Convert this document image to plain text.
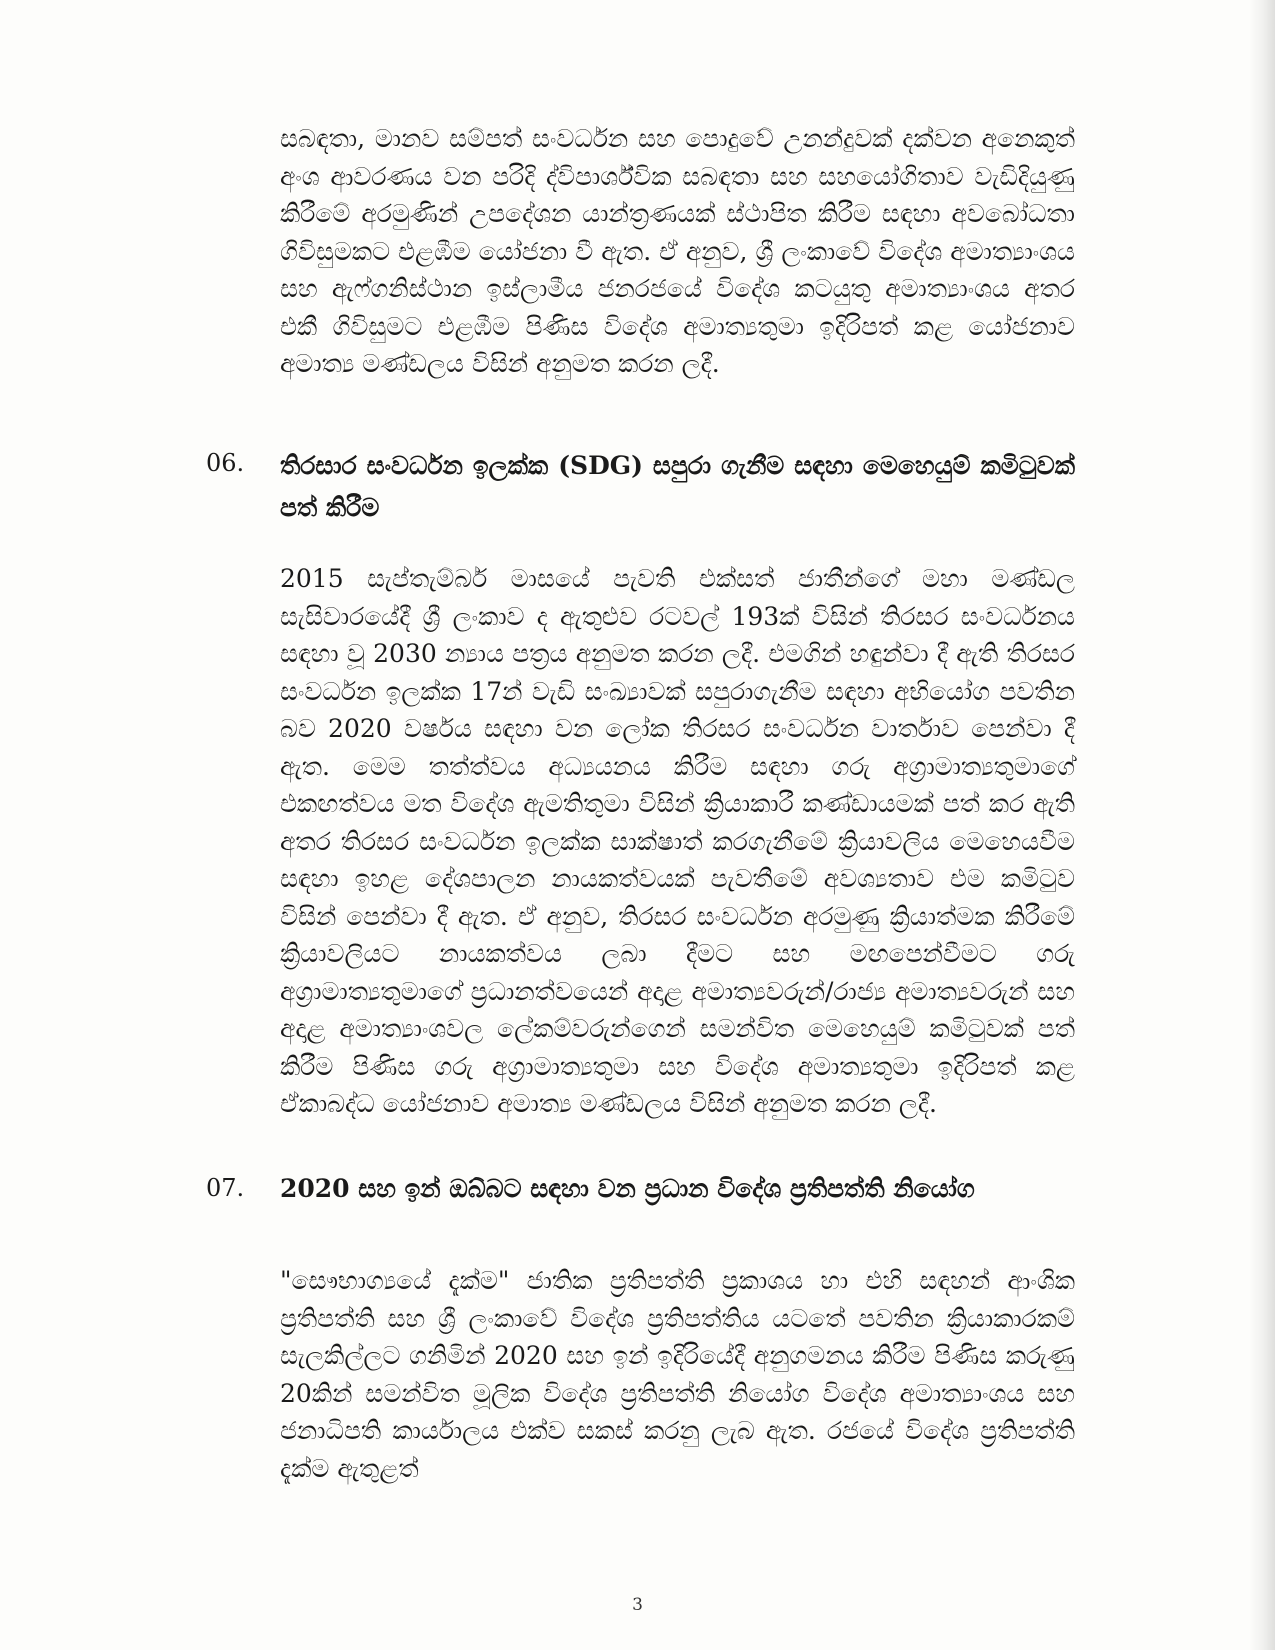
සබඳතා, මානව සම්පත් සංවර්ධන සහ පොදුවේ උනන්දුවක් දක්වන අනෙකුත් අංශ ආවරණය වන පරිදි ද්විපාර්ශ්වික සබඳතා සහ සහයෝගිතාව වැඩිදියුණු කිරීමේ අරමුණින් උපදේශන යාන්ත්‍රණයක් ස්ථාපිත කිරීම සඳහා අවබෝධතා ගිවිසුමකට එළඹීම යෝජනා වී ඇත. ඒ අනුව, ශ්‍රී ලංකාවේ විදේශ අමාත්‍යාංශය සහ ඇෆ්ගනිස්ථාන ඉස්ලාමීය ජනරජයේ විදේශ කටයුතු අමාත්‍යාංශය අතර එකී ගිවිසුමට එළඹීම පිණිස විදේශ අමාත්‍යතුමා ඉදිරිපත් කළ යෝජනාව අමාත්‍ය මණ්ඩලය විසින් අනුමත කරන ලදී.

06. තිරසාර සංවර්ධන ඉලක්ක (SDG) සපුරා ගැනීම සඳහා මෙහෙයුම් කමිටුවක් පත් කිරීම

2015 සැප්තැම්බර් මාසයේ පැවති එක්සත් ජාතීන්ගේ මහා මණ්ඩල සැසිවාරයේදී ශ්‍රී ලංකාව ද ඇතුළුව රටවල් 193ක් විසින් තිරසර සංවර්ධනය සඳහා වූ 2030 න්‍යාය පත්‍රය අනුමත කරන ලදී. එමගින් හඳුන්වා දී ඇති තිරසර සංවර්ධන ඉලක්ක 17න් වැඩි සංඛ්‍යාවක් සපුරාගැනීම සඳහා අභියෝග පවතින බව 2020 වර්ෂය සඳහා වන ලෝක තිරසර සංවර්ධන වාර්තාව පෙන්වා දී ඇත. මෙම තත්ත්වය අධ්‍යයනය කිරීම සඳහා ගරු අග්‍රාමාත්‍යතුමාගේ එකඟත්වය මත විදේශ ඇමතිතුමා විසින් ක්‍රියාකාරී කණ්ඩායමක් පත් කර ඇති අතර තිරසර සංවර්ධන ඉලක්ක සාක්ෂාත් කරගැනීමේ ක්‍රියාවලිය මෙහෙයවීම සඳහා ඉහළ දේශපාලන නායකත්වයක් පැවතීමේ අවශ්‍යතාව එම කමිටුව විසින් පෙන්වා දී ඇත. ඒ අනුව, තිරසර සංවර්ධන අරමුණු ක්‍රියාත්මක කිරීමේ ක්‍රියාවලියට නායකත්වය ලබා දීමට සහ මඟපෙන්වීමට ගරු අග්‍රාමාත්‍යතුමාගේ ප්‍රධානත්වයෙන් අදාළ අමාත්‍යවරුන්/රාජ්‍ය අමාත්‍යවරුන් සහ අදාළ අමාත්‍යාංශවල ලේකම්වරුන්ගෙන් සමන්විත මෙහෙයුම් කමිටුවක් පත් කිරීම පිණිස ගරු අග්‍රාමාත්‍යතුමා සහ විදේශ අමාත්‍යතුමා ඉදිරිපත් කළ ඒකාබද්ධ යෝජනාව අමාත්‍ය මණ්ඩලය විසින් අනුමත කරන ලදී.

07. 2020 සහ ඉන් ඔබ්බට සඳහා වන ප්‍රධාන විදේශ ප්‍රතිපත්ති නියෝග

"සෞභාග්‍යයේ දැක්ම" ජාතික ප්‍රතිපත්ති ප්‍රකාශය හා එහි සඳහන් ආංශික ප්‍රතිපත්ති සහ ශ්‍රී ලංකාවේ විදේශ ප්‍රතිපත්තිය යටතේ පවතින ක්‍රියාකාරකම් සැලකිල්ලට ගනිමින් 2020 සහ ඉන් ඉදිරියේදී අනුගමනය කිරීම පිණිස කරුණු 20කින් සමන්විත මූලික විදේශ ප්‍රතිපත්ති නියෝග විදේශ අමාත්‍යාංශය සහ ජනාධිපති කාර්යාලය එක්ව සකස් කරනු ලැබ ඇත. රජයේ විදේශ ප්‍රතිපත්ති දැක්ම ඇතුළත්

3
